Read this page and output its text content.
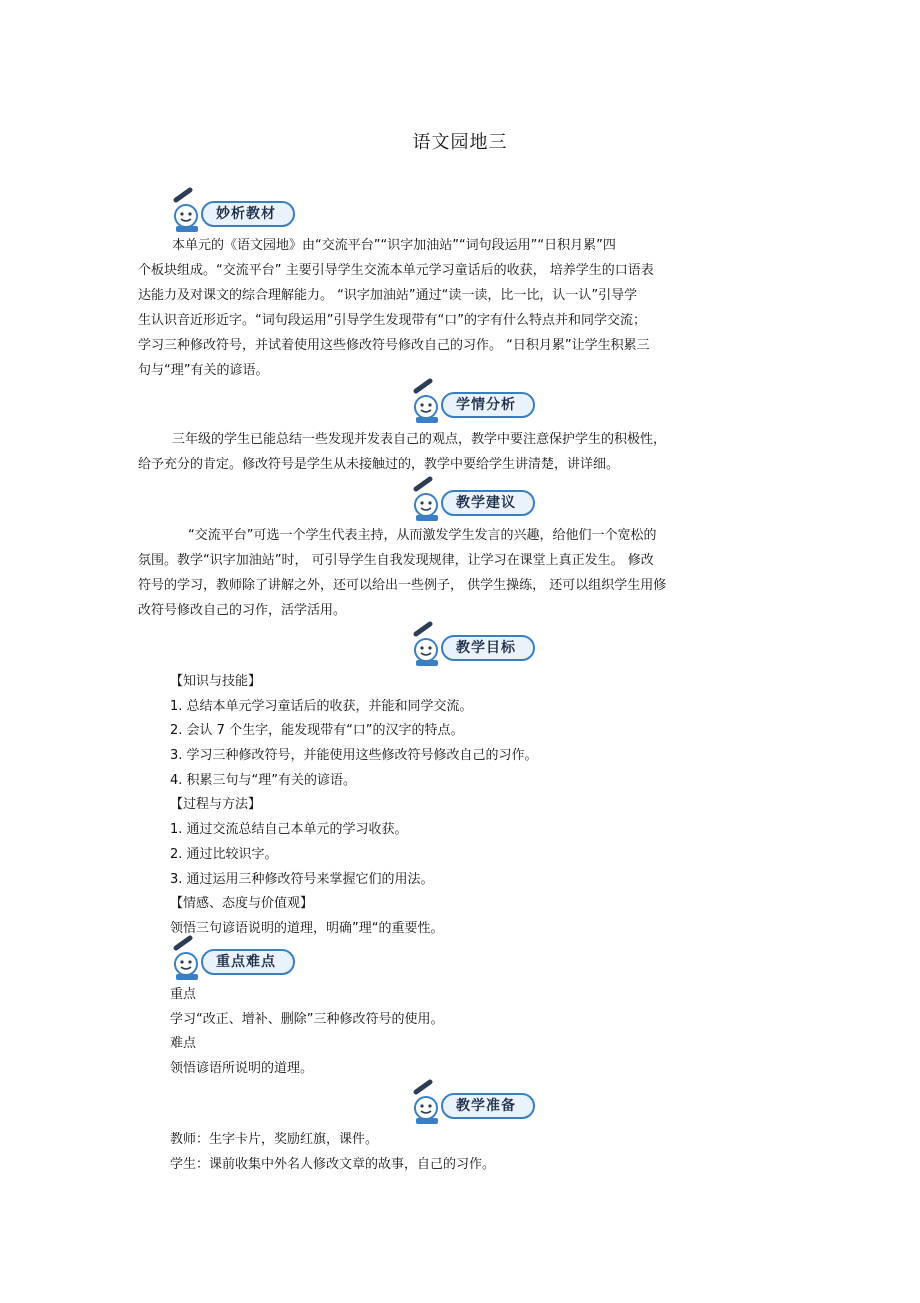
语文园地三
妙析教材
本单元的《语文园地》由“交流平台”“识字加油站”“词句段运用”“日积月累”四
个板块组成。“交流平台” 主要引导学生交流本单元学习童话后的收获， 培养学生的口语表
达能力及对课文的综合理解能力。 “识字加油站”通过“读一读，比一比，认一认”引导学
生认识音近形近字。“词句段运用”引导学生发现带有“口”的字有什么特点并和同学交流；
学习三种修改符号，并试着使用这些修改符号修改自己的习作。 “日积月累”让学生积累三
句与“理”有关的谚语。
学情分析
三年级的学生已能总结一些发现并发表自己的观点，教学中要注意保护学生的积极性，
给予充分的肯定。修改符号是学生从未接触过的，教学中要给学生讲清楚，讲详细。
教学建议
“交流平台”可选一个学生代表主持，从而激发学生发言的兴趣，给他们一个宽松的
氛围。教学“识字加油站”时， 可引导学生自我发现规律，让学习在课堂上真正发生。 修改
符号的学习，教师除了讲解之外，还可以给出一些例子， 供学生操练， 还可以组织学生用修
改符号修改自己的习作，活学活用。
教学目标
【知识与技能】
1. 总结本单元学习童话后的收获，并能和同学交流。
2. 会认 7 个生字，能发现带有“口”的汉字的特点。
3. 学习三种修改符号，并能使用这些修改符号修改自己的习作。
4. 积累三句与“理”有关的谚语。
【过程与方法】
1. 通过交流总结自己本单元的学习收获。
2. 通过比较识字。
3. 通过运用三种修改符号来掌握它们的用法。
【情感、态度与价值观】
领悟三句谚语说明的道理，明确”理“的重要性。
重点难点
重点
学习“改正、增补、删除”三种修改符号的使用。
难点
领悟谚语所说明的道理。
教学准备
教师：生字卡片，奖励红旗，课件。
学生：课前收集中外名人修改文章的故事，自己的习作。
